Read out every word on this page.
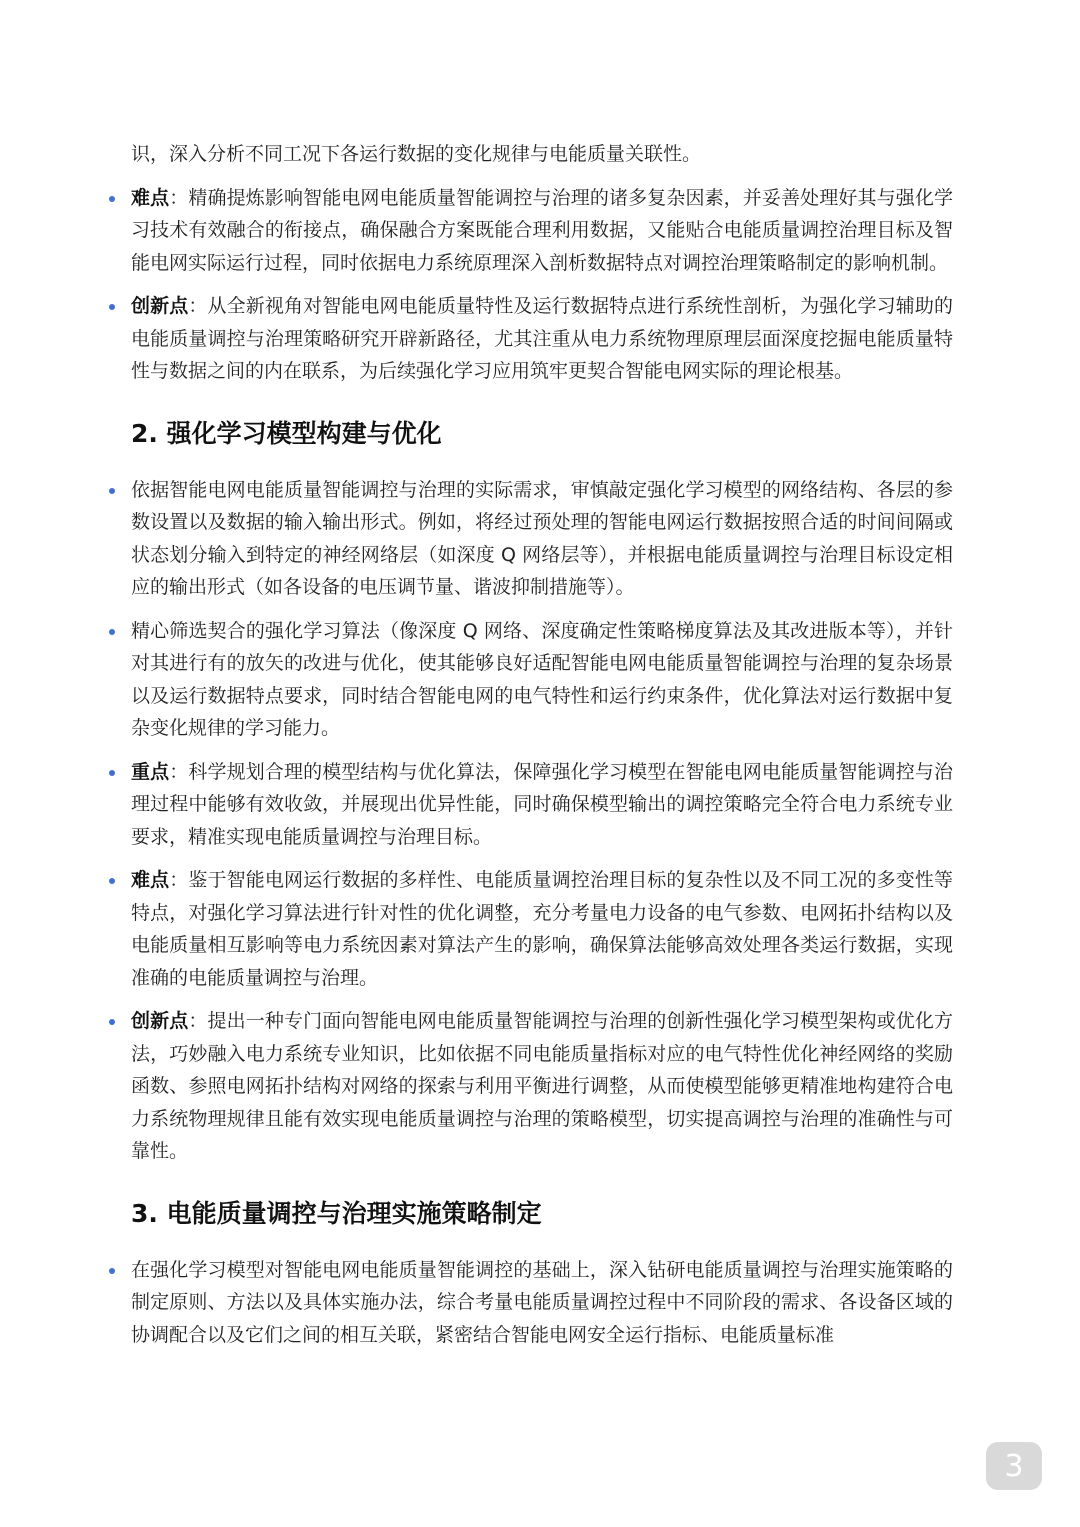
识，深入分析不同工况下各运行数据的变化规律与电能质量关联性。

难点：精确提炼影响智能电网电能质量智能调控与治理的诸多复杂因素，并妥善处理好其与强化学习技术有效融合的衔接点，确保融合方案既能合理利用数据，又能贴合电能质量调控治理目标及智能电网实际运行过程，同时依据电力系统原理深入剖析数据特点对调控治理策略制定的影响机制。
创新点：从全新视角对智能电网电能质量特性及运行数据特点进行系统性剖析，为强化学习辅助的电能质量调控与治理策略研究开辟新路径，尤其注重从电力系统物理原理层面深度挖掘电能质量特性与数据之间的内在联系，为后续强化学习应用筑牢更契合智能电网实际的理论根基。
2. 强化学习模型构建与优化
依据智能电网电能质量智能调控与治理的实际需求，审慎敲定强化学习模型的网络结构、各层的参数设置以及数据的输入输出形式。例如，将经过预处理的智能电网运行数据按照合适的时间间隔或状态划分输入到特定的神经网络层（如深度 Q 网络层等），并根据电能质量调控与治理目标设定相应的输出形式（如各设备的电压调节量、谐波抑制措施等）。
精心筛选契合的强化学习算法（像深度 Q 网络、深度确定性策略梯度算法及其改进版本等），并针对其进行有的放矢的改进与优化，使其能够良好适配智能电网电能质量智能调控与治理的复杂场景以及运行数据特点要求，同时结合智能电网的电气特性和运行约束条件，优化算法对运行数据中复杂变化规律的学习能力。
重点：科学规划合理的模型结构与优化算法，保障强化学习模型在智能电网电能质量智能调控与治理过程中能够有效收敛，并展现出优异性能，同时确保模型输出的调控策略完全符合电力系统专业要求，精准实现电能质量调控与治理目标。
难点：鉴于智能电网运行数据的多样性、电能质量调控治理目标的复杂性以及不同工况的多变性等特点，对强化学习算法进行针对性的优化调整，充分考量电力设备的电气参数、电网拓扑结构以及电能质量相互影响等电力系统因素对算法产生的影响，确保算法能够高效处理各类运行数据，实现准确的电能质量调控与治理。
创新点：提出一种专门面向智能电网电能质量智能调控与治理的创新性强化学习模型架构或优化方法，巧妙融入电力系统专业知识，比如依据不同电能质量指标对应的电气特性优化神经网络的奖励函数、参照电网拓扑结构对网络的探索与利用平衡进行调整，从而使模型能够更精准地构建符合电力系统物理规律且能有效实现电能质量调控与治理的策略模型，切实提高调控与治理的准确性与可靠性。
3. 电能质量调控与治理实施策略制定
在强化学习模型对智能电网电能质量智能调控的基础上，深入钻研电能质量调控与治理实施策略的制定原则、方法以及具体实施办法，综合考量电能质量调控过程中不同阶段的需求、各设备区域的协调配合以及它们之间的相互关联，紧密结合智能电网安全运行指标、电能质量标准
3
